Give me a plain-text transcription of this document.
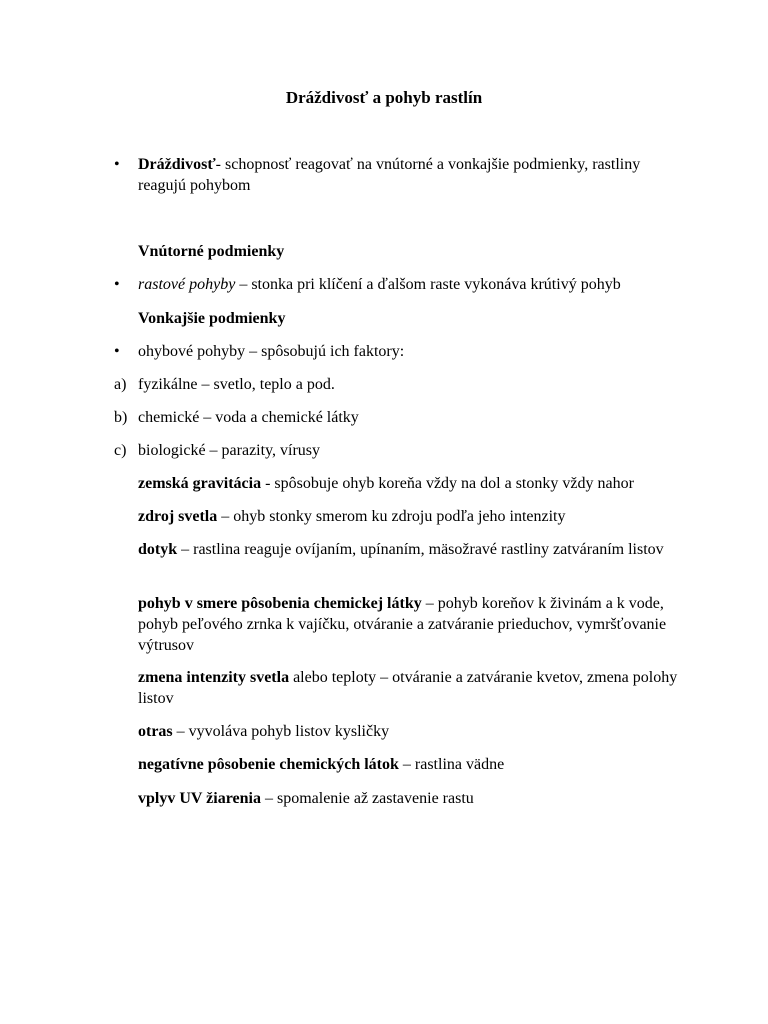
Dráždivosť a pohyb rastlín
• Dráždivosť- schopnosť reagovať na vnútorné a vonkajšie podmienky, rastliny reagujú pohybom
Vnútorné podmienky
• rastové pohyby – stonka pri klíčení a ďalšom raste vykonáva krútivý pohyb
Vonkajšie podmienky
• ohybové pohyby – spôsobujú ich faktory:
a) fyzikálne – svetlo, teplo a pod.
b) chemické – voda a chemické látky
c) biologické – parazity, vírusy
zemská gravitácia - spôsobuje ohyb koreňa vždy na dol a stonky vždy nahor
zdroj svetla – ohyb stonky smerom ku zdroju podľa jeho intenzity
dotyk – rastlina reaguje ovíjaním, upínaním, mäsožravé rastliny zatváraním listov
pohyb v smere pôsobenia chemickej látky – pohyb koreňov k živinám a k vode, pohyb peľového zrnka k vajíčku, otváranie a zatváranie prieduchov, vymršťovanie výtrusov
zmena intenzity svetla alebo teploty – otváranie a zatváranie kvetov, zmena polohy listov
otras – vyvoláva pohyb listov kysličky
negatívne pôsobenie chemických látok – rastlina vädne
vplyv UV žiarenia – spomalenie až zastavenie rastu
